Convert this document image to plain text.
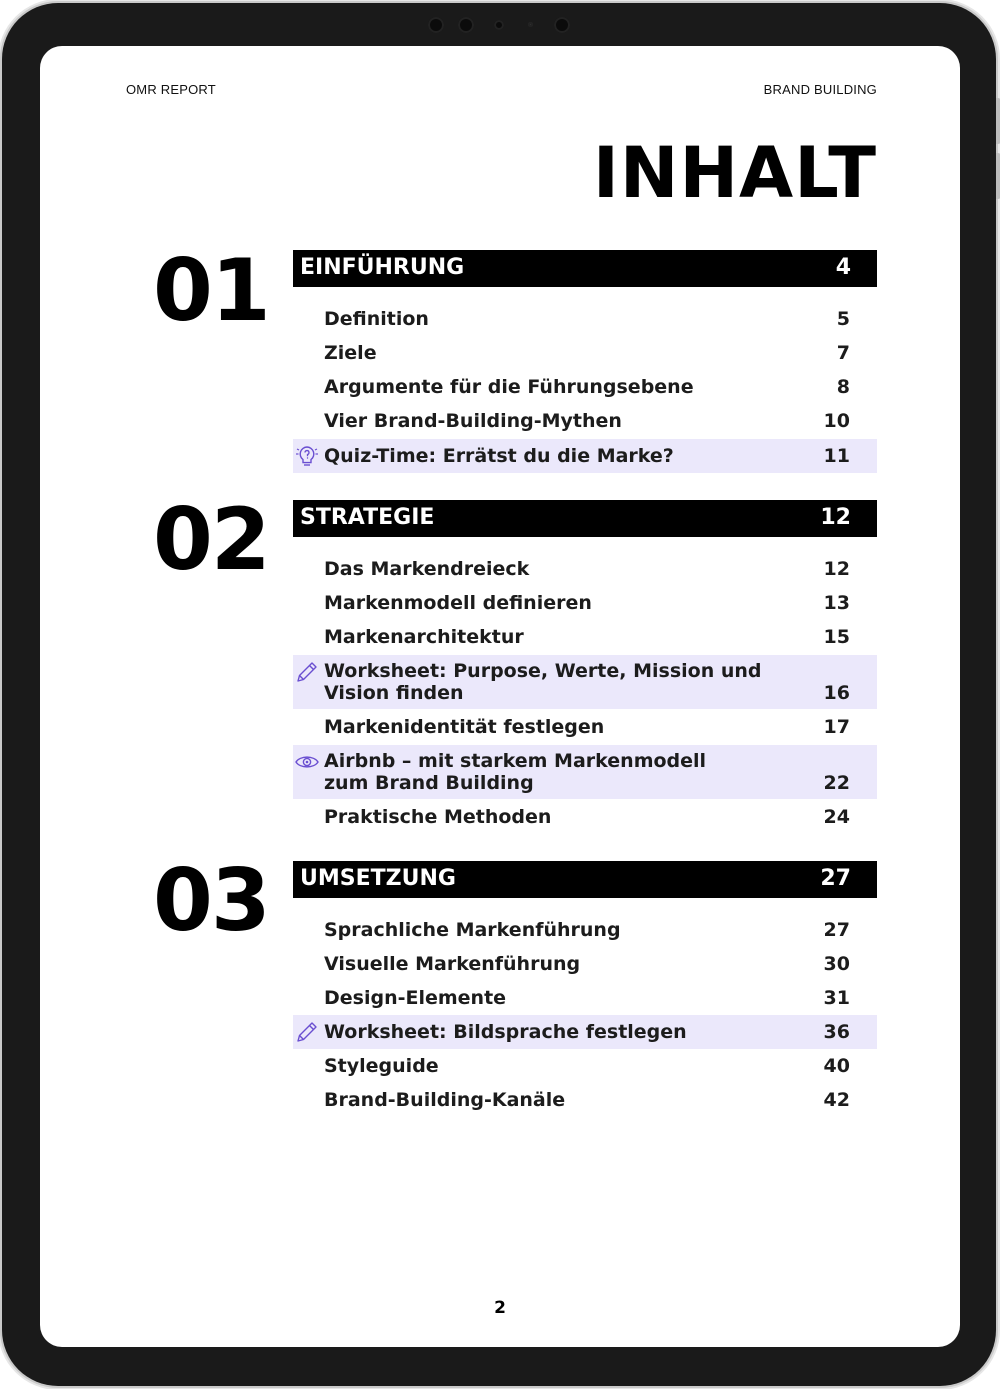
OMR REPORT	BRAND BUILDING
INHALT
01 EINFÜHRUNG	4
Definition	5
Ziele	7
Argumente für die Führungsebene	8
Vier Brand-Building-Mythen	10
Quiz-Time: Errätst du die Marke?	11
02 STRATEGIE	12
Das Markendreieck	12
Markenmodell definieren	13
Markenarchitektur	15
Worksheet: Purpose, Werte, Mission und
Vision finden	16
Markenidentität festlegen	17
Airbnb – mit starkem Markenmodell
zum Brand Building	22
Praktische Methoden	24
03 UMSETZUNG	27
Sprachliche Markenführung	27
Visuelle Markenführung	30
Design-Elemente	31
Worksheet: Bildsprache festlegen	36
Styleguide	40
Brand-Building-Kanäle	42
2
